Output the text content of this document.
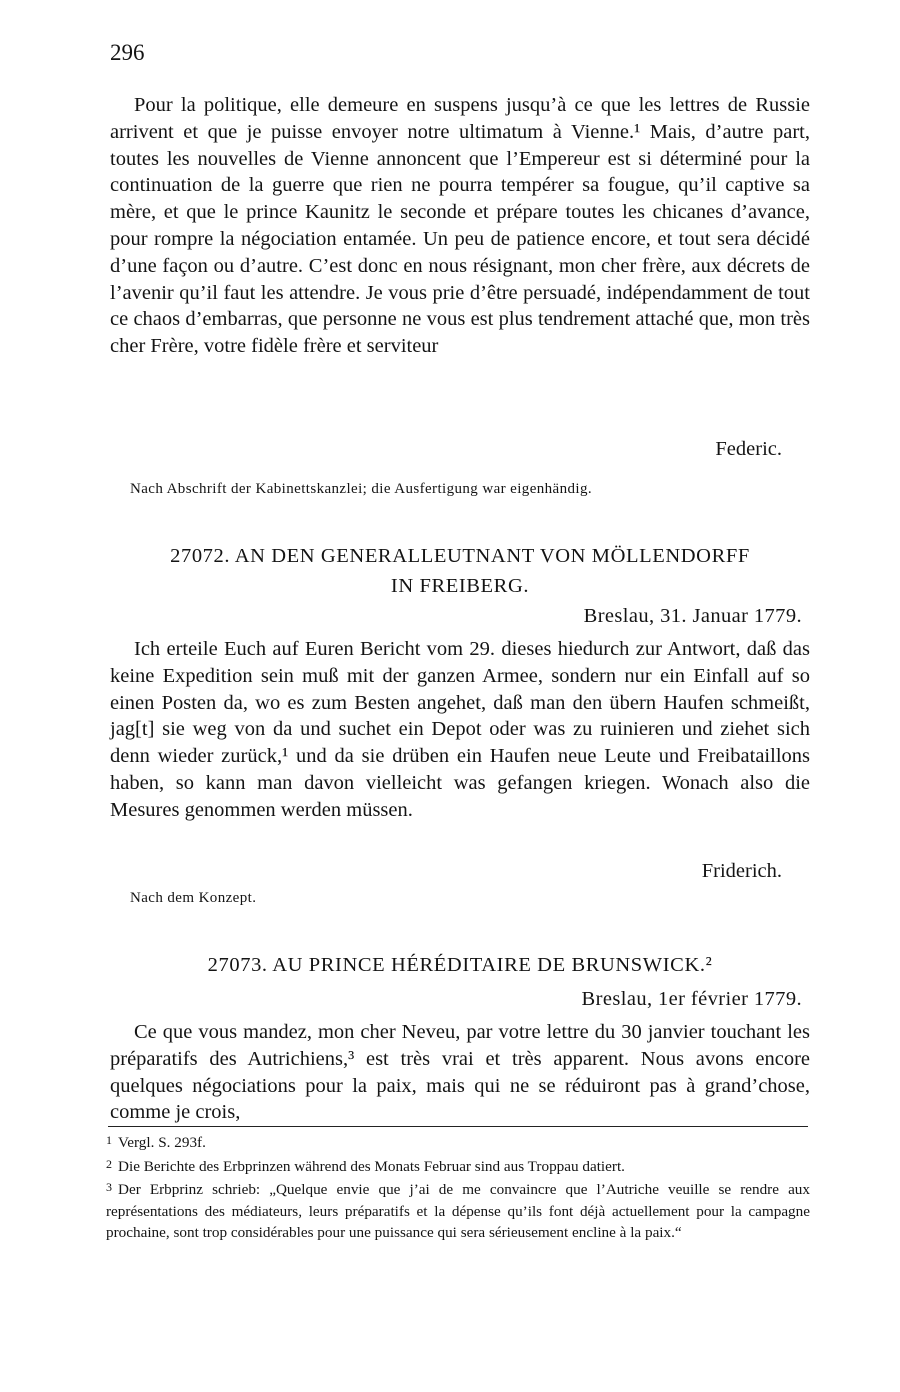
296

Pour la politique, elle demeure en suspens jusqu’à ce que les lettres de Russie arrivent et que je puisse envoyer notre ultimatum à Vienne.¹ Mais, d’autre part, toutes les nouvelles de Vienne annoncent que l’Empereur est si déterminé pour la continuation de la guerre que rien ne pourra tempérer sa fougue, qu’il captive sa mère, et que le prince Kaunitz le seconde et prépare toutes les chicanes d’avance, pour rompre la négociation entamée. Un peu de patience encore, et tout sera décidé d’une façon ou d’autre. C’est donc en nous résignant, mon cher frère, aux décrets de l’avenir qu’il faut les attendre. Je vous prie d’être persuadé, indépendamment de tout ce chaos d’embarras, que personne ne vous est plus tendrement attaché que, mon très cher Frère, votre fidèle frère et serviteur

Federic.
Nach Abschrift der Kabinettskanzlei; die Ausfertigung war eigenhändig.
27072. AN DEN GENERALLEUTNANT VON MÖLLENDORFF
IN FREIBERG.
Breslau, 31. Januar 1779.

Ich erteile Euch auf Euren Bericht vom 29. dieses hiedurch zur Antwort, daß das keine Expedition sein muß mit der ganzen Armee, sondern nur ein Einfall auf so einen Posten da, wo es zum Besten angehet, daß man den übern Haufen schmeißt, jag[t] sie weg von da und suchet ein Depot oder was zu ruinieren und ziehet sich denn wieder zurück,¹ und da sie drüben ein Haufen neue Leute und Freibataillons haben, so kann man davon vielleicht was gefangen kriegen. Wonach also die Mesures genommen werden müssen.

Friderich.
Nach dem Konzept.
27073. AU PRINCE HÉRÉDITAIRE DE BRUNSWICK.²
Breslau, 1er février 1779.

Ce que vous mandez, mon cher Neveu, par votre lettre du 30 janvier touchant les préparatifs des Autrichiens,³ est très vrai et très apparent. Nous avons encore quelques négociations pour la paix, mais qui ne se réduiront pas à grand’chose, comme je crois,

1 Vergl. S. 293f.

2 Die Berichte des Erbprinzen während des Monats Februar sind aus Troppau datiert.

3 Der Erbprinz schrieb: „Quelque envie que j’ai de me convaincre que l’Autriche veuille se rendre aux représentations des médiateurs, leurs préparatifs et la dépense qu’ils font déjà actuellement pour la campagne prochaine, sont trop considérables pour une puissance qui sera sérieusement encline à la paix.“
